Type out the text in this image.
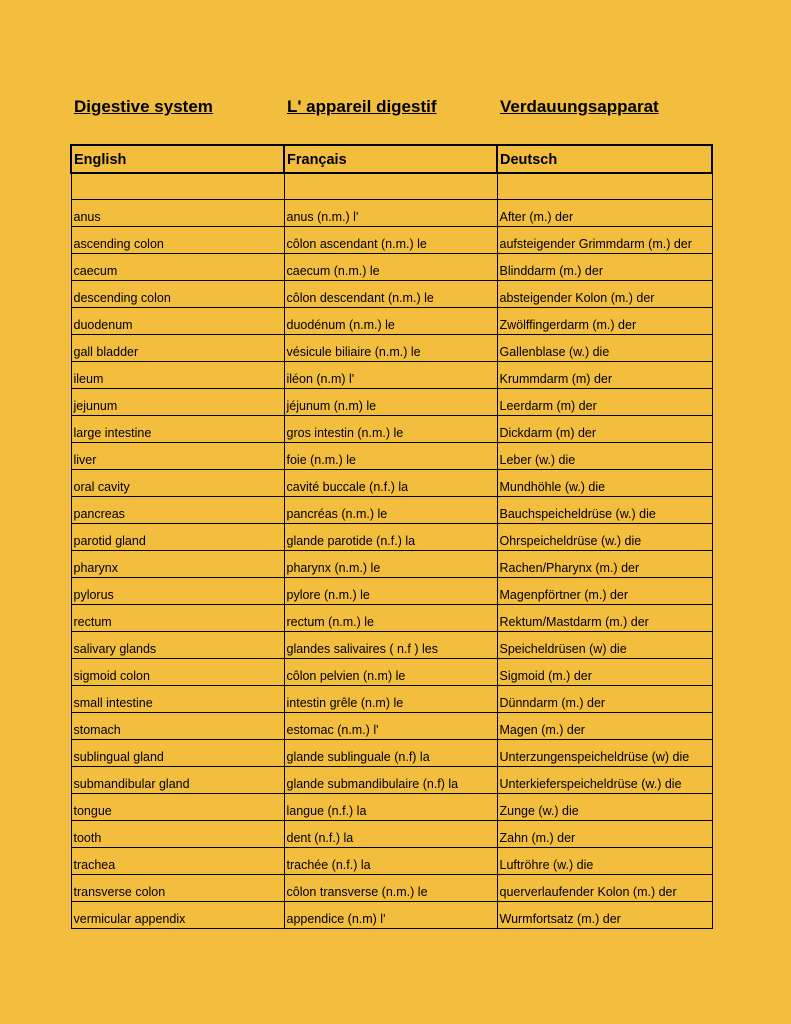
Digestive system	L' appareil digestif	Verdauungsapparat
English	Français	Deutsch

anus	anus (n.m.) l'	After (m.) der
ascending colon	côlon ascendant (n.m.) le	aufsteigender Grimmdarm (m.) der
caecum	caecum (n.m.) le	Blinddarm (m.) der
descending colon	côlon descendant (n.m.) le	absteigender Kolon (m.) der
duodenum	duodénum (n.m.) le	Zwölffingerdarm (m.) der
gall bladder	vésicule biliaire (n.m.) le	Gallenblase (w.) die
ileum	iléon (n.m) l'	Krummdarm (m) der
jejunum	jéjunum (n.m) le	Leerdarm (m) der
large intestine	gros intestin (n.m.) le	Dickdarm (m) der
liver	foie (n.m.) le	Leber (w.) die
oral cavity	cavité buccale (n.f.) la	Mundhöhle (w.) die
pancreas	pancréas (n.m.) le	Bauchspeicheldrüse (w.) die
parotid gland	glande parotide (n.f.) la	Ohrspeicheldrüse (w.) die
pharynx	pharynx (n.m.) le	Rachen/Pharynx (m.) der
pylorus	pylore (n.m.) le	Magenpförtner (m.) der
rectum	rectum (n.m.) le	Rektum/Mastdarm (m.) der
salivary glands	glandes salivaires ( n.f ) les	Speicheldrüsen (w) die
sigmoid colon	côlon pelvien (n.m) le	Sigmoid (m.) der
small intestine	intestin grêle (n.m) le	Dünndarm (m.) der
stomach	estomac (n.m.) l'	Magen (m.) der
sublingual gland	glande sublinguale (n.f) la	Unterzungenspeicheldrüse (w) die
submandibular gland	glande submandibulaire (n.f) la	Unterkieferspeicheldrüse (w.) die
tongue	langue (n.f.) la	Zunge (w.) die
tooth	dent (n.f.) la	Zahn (m.) der
trachea	trachée (n.f.) la	Luftröhre (w.) die
transverse colon	côlon transverse (n.m.) le	querverlaufender Kolon (m.) der
vermicular appendix	appendice (n.m) l'	Wurmfortsatz (m.) der
